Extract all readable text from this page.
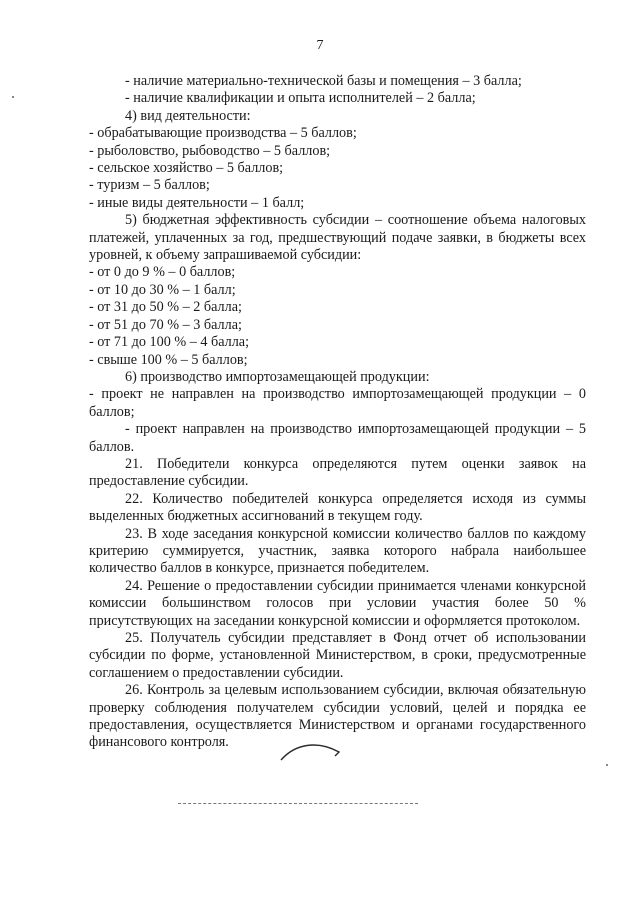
7
- наличие материально-технической базы и помещения – 3 балла;
- наличие квалификации и опыта исполнителей – 2 балла;
4) вид деятельности:
- обрабатывающие производства – 5 баллов;
- рыболовство, рыбоводство – 5 баллов;
- сельское хозяйство – 5 баллов;
- туризм – 5 баллов;
- иные виды деятельности – 1 балл;
5) бюджетная эффективность субсидии – соотношение объема налоговых платежей, уплаченных за год, предшествующий подаче заявки, в бюджеты всех уровней, к объему запрашиваемой субсидии:
- от 0 до 9 % – 0 баллов;
- от 10 до 30 % – 1 балл;
- от 31 до 50 % – 2 балла;
- от 51 до 70 % – 3 балла;
- от 71 до 100 % – 4 балла;
- свыше 100 % – 5 баллов;
6) производство импортозамещающей продукции:
- проект не направлен на производство импортозамещающей продукции – 0 баллов;
- проект направлен на производство импортозамещающей продукции – 5 баллов.
21. Победители конкурса определяются путем оценки заявок на предоставление субсидии.
22. Количество победителей конкурса определяется исходя из суммы выделенных бюджетных ассигнований в текущем году.
23. В ходе заседания конкурсной комиссии количество баллов по каждому критерию суммируется, участник, заявка которого набрала наибольшее количество баллов в конкурсе, признается победителем.
24. Решение о предоставлении субсидии принимается членами конкурсной комиссии большинством голосов при условии участия более 50 % присутствующих на заседании конкурсной комиссии и оформляется протоколом.
25. Получатель субсидии представляет в Фонд отчет об использовании субсидии по форме, установленной Министерством, в сроки, предусмотренные соглашением о предоставлении субсидии.
26. Контроль за целевым использованием субсидии, включая обязательную проверку соблюдения получателем субсидии условий, целей и порядка ее предоставления, осуществляется Министерством и органами государственного финансового контроля.
